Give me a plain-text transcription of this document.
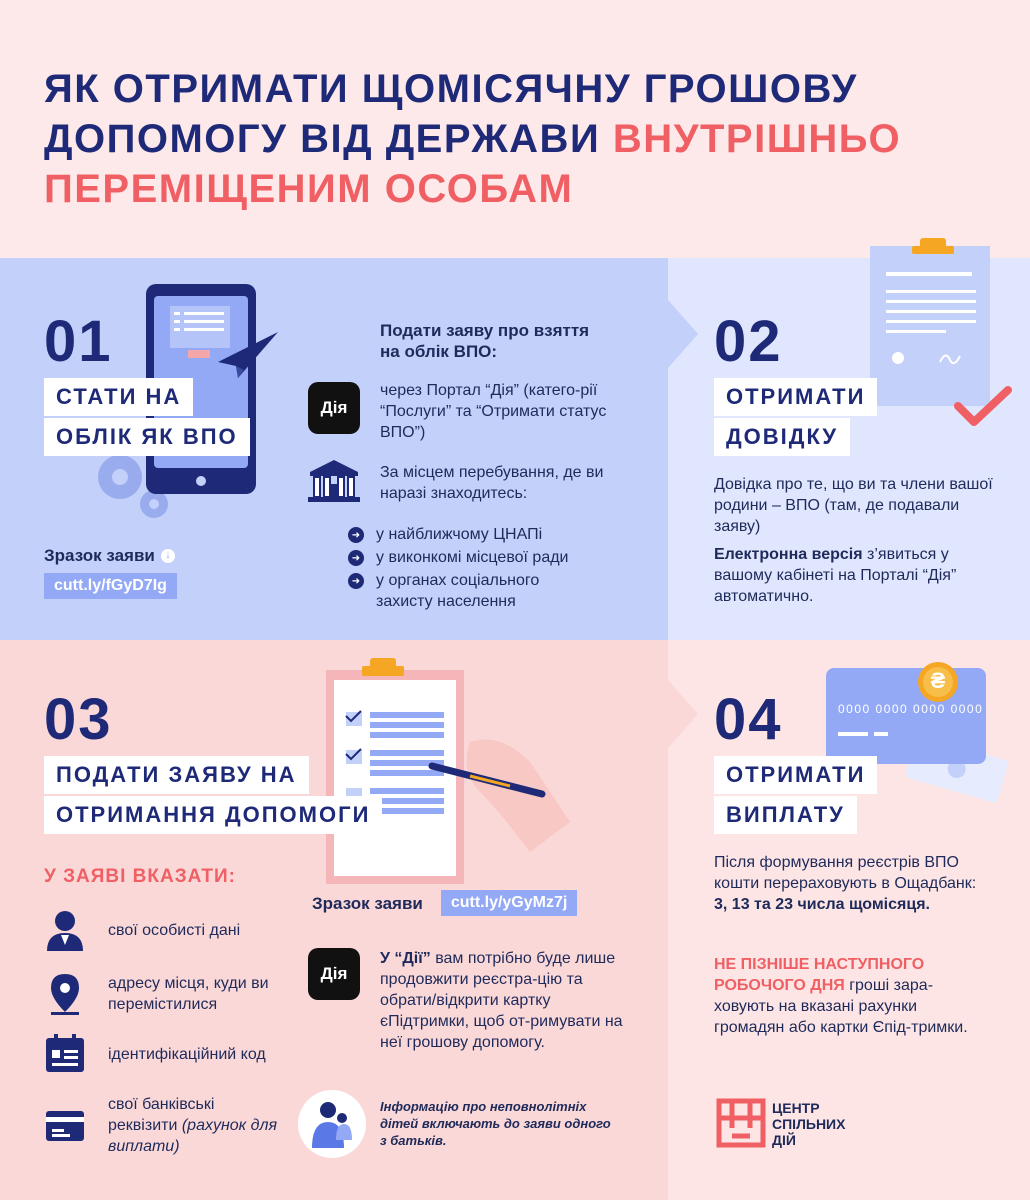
ЯК ОТРИМАТИ ЩОМІСЯЧНУ ГРОШОВУ
ДОПОМОГУ ВІД ДЕРЖАВИ ВНУТРІШНЬО
ПЕРЕМІЩЕНИМ ОСОБАМ
01
СТАТИ НА
ОБЛІК ЯК ВПО
Зразок заяви	↓
cutt.ly/fGyD7Ig
Подати заяву про взяття на облік ВПО:
Дія
через Портал “Дія” (катего-рії “Послуги” та “Отримати статус ВПО”)
За місцем перебування, де ви наразі знаходитесь:
➜ у найближчому ЦНАПі
➜ у виконкомі місцевої ради
➜ у органах соціального захисту населення
02
ОТРИМАТИ
ДОВІДКУ
Довідка про те, що ви та члени вашої родини – ВПО (там, де подавали заяву)
Електронна версія з’явиться у вашому кабінеті на Порталі “Дія” автоматично.
03
ПОДАТИ ЗАЯВУ НА
ОТРИМАННЯ ДОПОМОГИ
У ЗАЯВІ ВКАЗАТИ:
свої особисті дані
адресу місця, куди ви перемістилися
ідентифікаційний код
свої банківські реквізити (рахунок для виплати)
Зразок заяви	cutt.ly/yGyMz7j
Дія
У “Дії” вам потрібно буде лише продовжити реєстра-цію та обрати/відкрити картку єПідтримки, щоб от-римувати на неї грошову допомогу.
Інформацію про неповнолітніх дітей включають до заяви одного з батьків.
₴
0000 0000 0000 0000
04
ОТРИМАТИ
ВИПЛАТУ
Після формування реєстрів ВПО кошти перераховують в Ощадбанк: 3, 13 та 23 числа щомісяця.
НЕ ПІЗНІШЕ НАСТУПНОГО РОБОЧОГО ДНЯ гроші зара-ховують на вказані рахунки громадян або картки Єпід-тримки.
ЦЕНТР
СПІЛЬНИХ
ДІЙ
